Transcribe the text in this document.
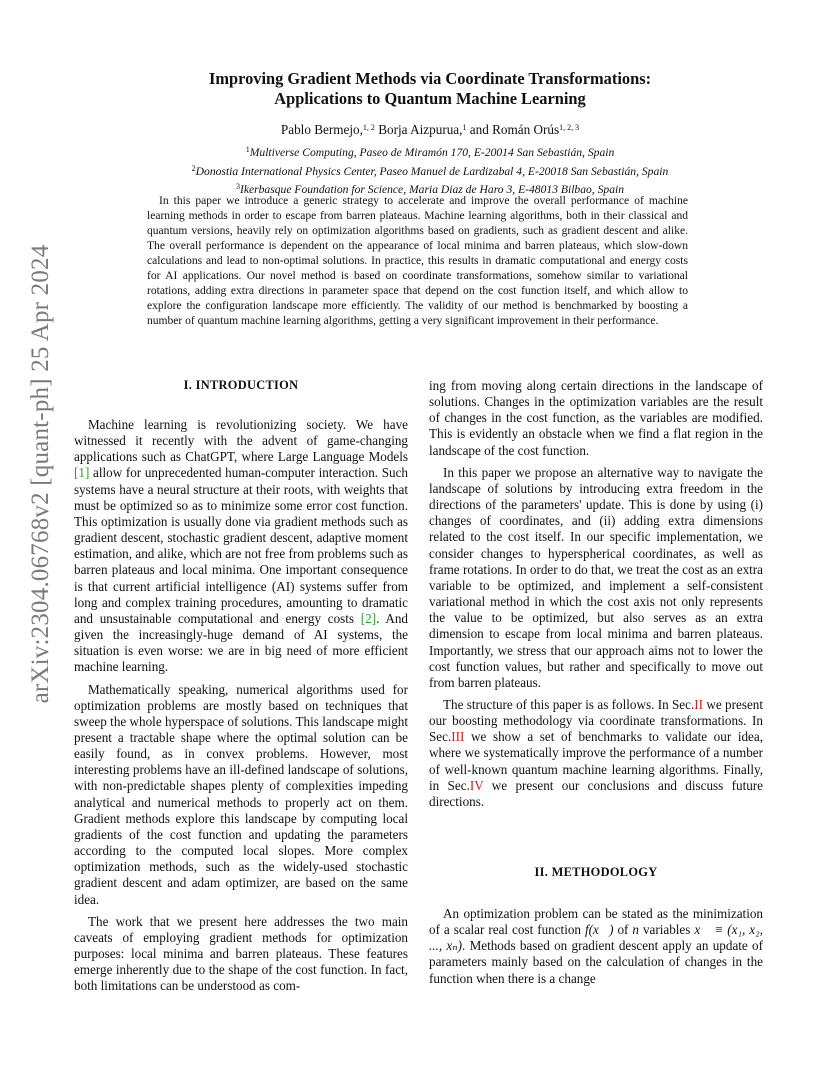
arXiv:2304.06768v2 [quant-ph] 25 Apr 2024
Improving Gradient Methods via Coordinate Transformations:
Applications to Quantum Machine Learning
Pablo Bermejo,$^{1, 2}$ Borja Aizpurua,$^1$ and Román Orús$^{1, 2, 3}$
$^1$Multiverse Computing, Paseo de Miramón 170, E-20014 San Sebastián, Spain
$^2$Donostia International Physics Center, Paseo Manuel de Lardizabal 4, E-20018 San Sebastián, Spain
$^3$Ikerbasque Foundation for Science, Maria Diaz de Haro 3, E-48013 Bilbao, Spain
In this paper we introduce a generic strategy to accelerate and improve the overall performance of machine learning methods in order to escape from barren plateaus. Machine learning algorithms, both in their classical and quantum versions, heavily rely on optimization algorithms based on gradients, such as gradient descent and alike. The overall performance is dependent on the appearance of local minima and barren plateaus, which slow-down calculations and lead to non-optimal solutions. In practice, this results in dramatic computational and energy costs for AI applications. Our novel method is based on coordinate transformations, somehow similar to variational rotations, adding extra directions in parameter space that depend on the cost function itself, and which allow to explore the configuration landscape more efficiently. The validity of our method is benchmarked by boosting a number of quantum machine learning algorithms, getting a very significant improvement in their performance.
I. INTRODUCTION

Machine learning is revolutionizing society. We have witnessed it recently with the advent of game-changing applications such as ChatGPT, where Large Language Models [1] allow for unprecedented human-computer interaction. Such systems have a neural structure at their roots, with weights that must be optimized so as to minimize some error cost function. This optimization is usually done via gradient methods such as gradient descent, stochastic gradient descent, adaptive moment estimation, and alike, which are not free from problems such as barren plateaus and local minima. One important consequence is that current artificial intelligence (AI) systems suffer from long and complex training procedures, amounting to dramatic and unsustainable computational and energy costs [2]. And given the increasingly-huge demand of AI systems, the situation is even worse: we are in big need of more efficient machine learning.

Mathematically speaking, numerical algorithms used for optimization problems are mostly based on techniques that sweep the whole hyperspace of solutions. This landscape might present a tractable shape where the optimal solution can be easily found, as in convex problems. However, most interesting problems have an ill-defined landscape of solutions, with non-predictable shapes plenty of complexities impeding analytical and numerical methods to properly act on them. Gradient methods explore this landscape by computing local gradients of the cost function and updating the parameters according to the computed local slopes. More complex optimization methods, such as the widely-used stochastic gradient descent and adam optimizer, are based on the same idea.

The work that we present here addresses the two main caveats of employing gradient methods for optimization purposes: local minima and barren plateaus. These features emerge inherently due to the shape of the cost function. In fact, both limitations can be understood as com-

ing from moving along certain directions in the landscape of solutions. Changes in the optimization variables are the result of changes in the cost function, as the variables are modified. This is evidently an obstacle when we find a flat region in the landscape of the cost function.

In this paper we propose an alternative way to navigate the landscape of solutions by introducing extra freedom in the directions of the parameters' update. This is done by using (i) changes of coordinates, and (ii) adding extra dimensions related to the cost itself. In our specific implementation, we consider changes to hyperspherical coordinates, as well as frame rotations. In order to do that, we treat the cost as an extra variable to be optimized, and implement a self-consistent variational method in which the cost axis not only represents the value to be optimized, but also serves as an extra dimension to escape from local minima and barren plateaus. Importantly, we stress that our approach aims not to lower the cost function values, but rather and specifically to move out from barren plateaus.

The structure of this paper is as follows. In Sec.II we present our boosting methodology via coordinate transformations. In Sec.III we show a set of benchmarks to validate our idea, where we systematically improve the performance of a number of well-known quantum machine learning algorithms. Finally, in Sec.IV we present our conclusions and discuss future directions.

II. METHODOLOGY

An optimization problem can be stated as the minimization of a scalar real cost function f(x⃗) of n variables x⃗ ≡ (x₁, x₂, ..., xₙ). Methods based on gradient descent apply an update of parameters mainly based on the calculation of changes in the function when there is a change
